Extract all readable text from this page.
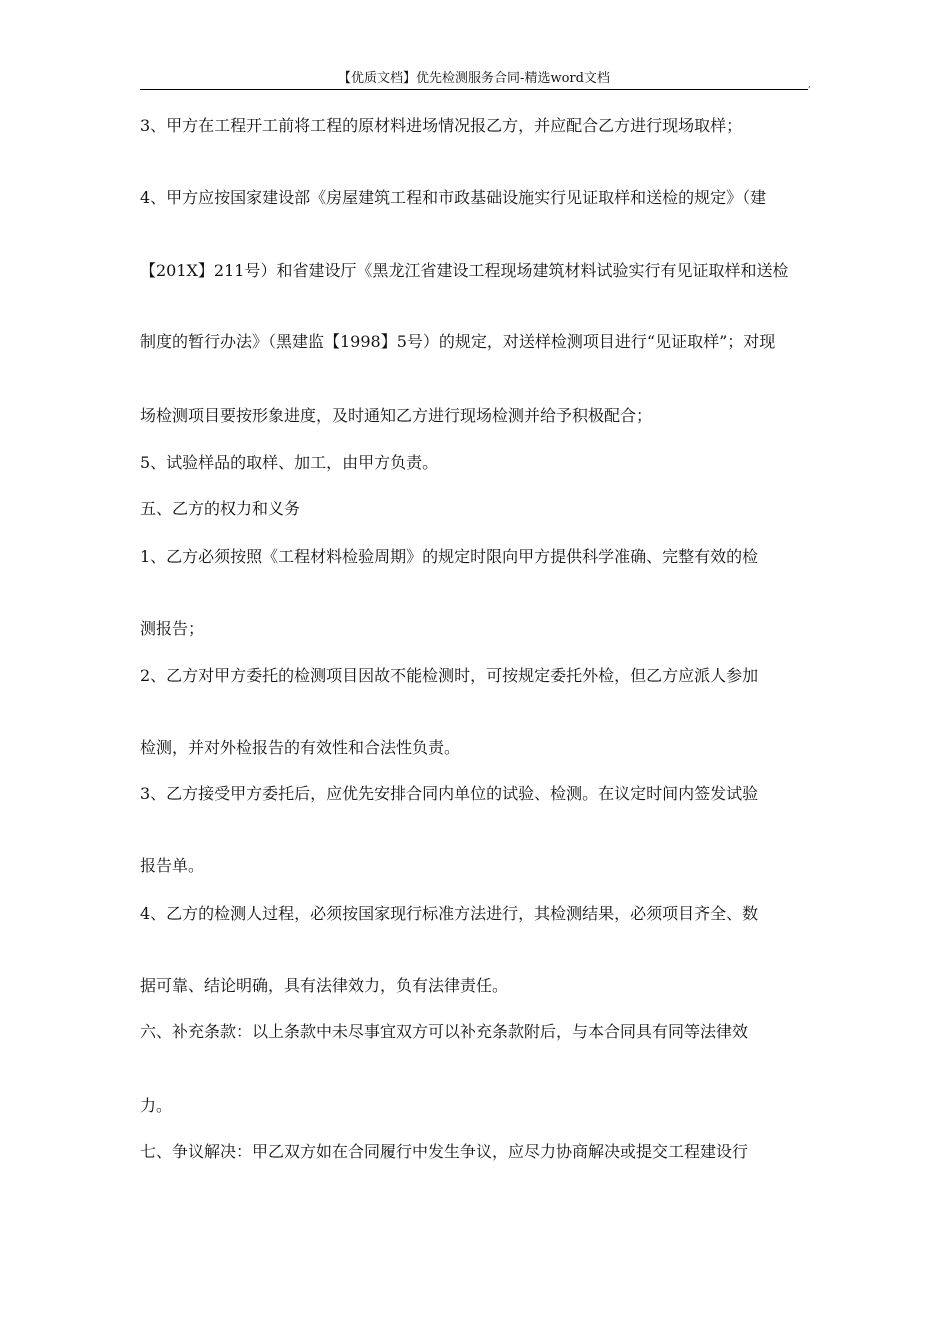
【优质文档】优先检测服务合同-精选word文档	,

3、甲方在工程开工前将工程的原材料进场情况报乙方，并应配合乙方进行现场取样；

4、甲方应按国家建设部《房屋建筑工程和市政基础设施实行见证取样和送检的规定》（建

【201X】211号）和省建设厅《黑龙江省建设工程现场建筑材料试验实行有见证取样和送检

制度的暂行办法》（黑建监【1998】5号）的规定，对送样检测项目进行“见证取样”；对现

场检测项目要按形象进度，及时通知乙方进行现场检测并给予积极配合；

5、试验样品的取样、加工，由甲方负责。

五、乙方的权力和义务

1、乙方必须按照《工程材料检验周期》的规定时限向甲方提供科学准确、完整有效的检

测报告；

2、乙方对甲方委托的检测项目因故不能检测时，可按规定委托外检，但乙方应派人参加

检测，并对外检报告的有效性和合法性负责。

3、乙方接受甲方委托后，应优先安排合同内单位的试验、检测。在议定时间内签发试验

报告单。

4、乙方的检测人过程，必须按国家现行标准方法进行，其检测结果，必须项目齐全、数

据可靠、结论明确，具有法律效力，负有法律责任。

六、补充条款：以上条款中未尽事宜双方可以补充条款附后，与本合同具有同等法律效

力。

七、争议解决：甲乙双方如在合同履行中发生争议，应尽力协商解决或提交工程建设行
